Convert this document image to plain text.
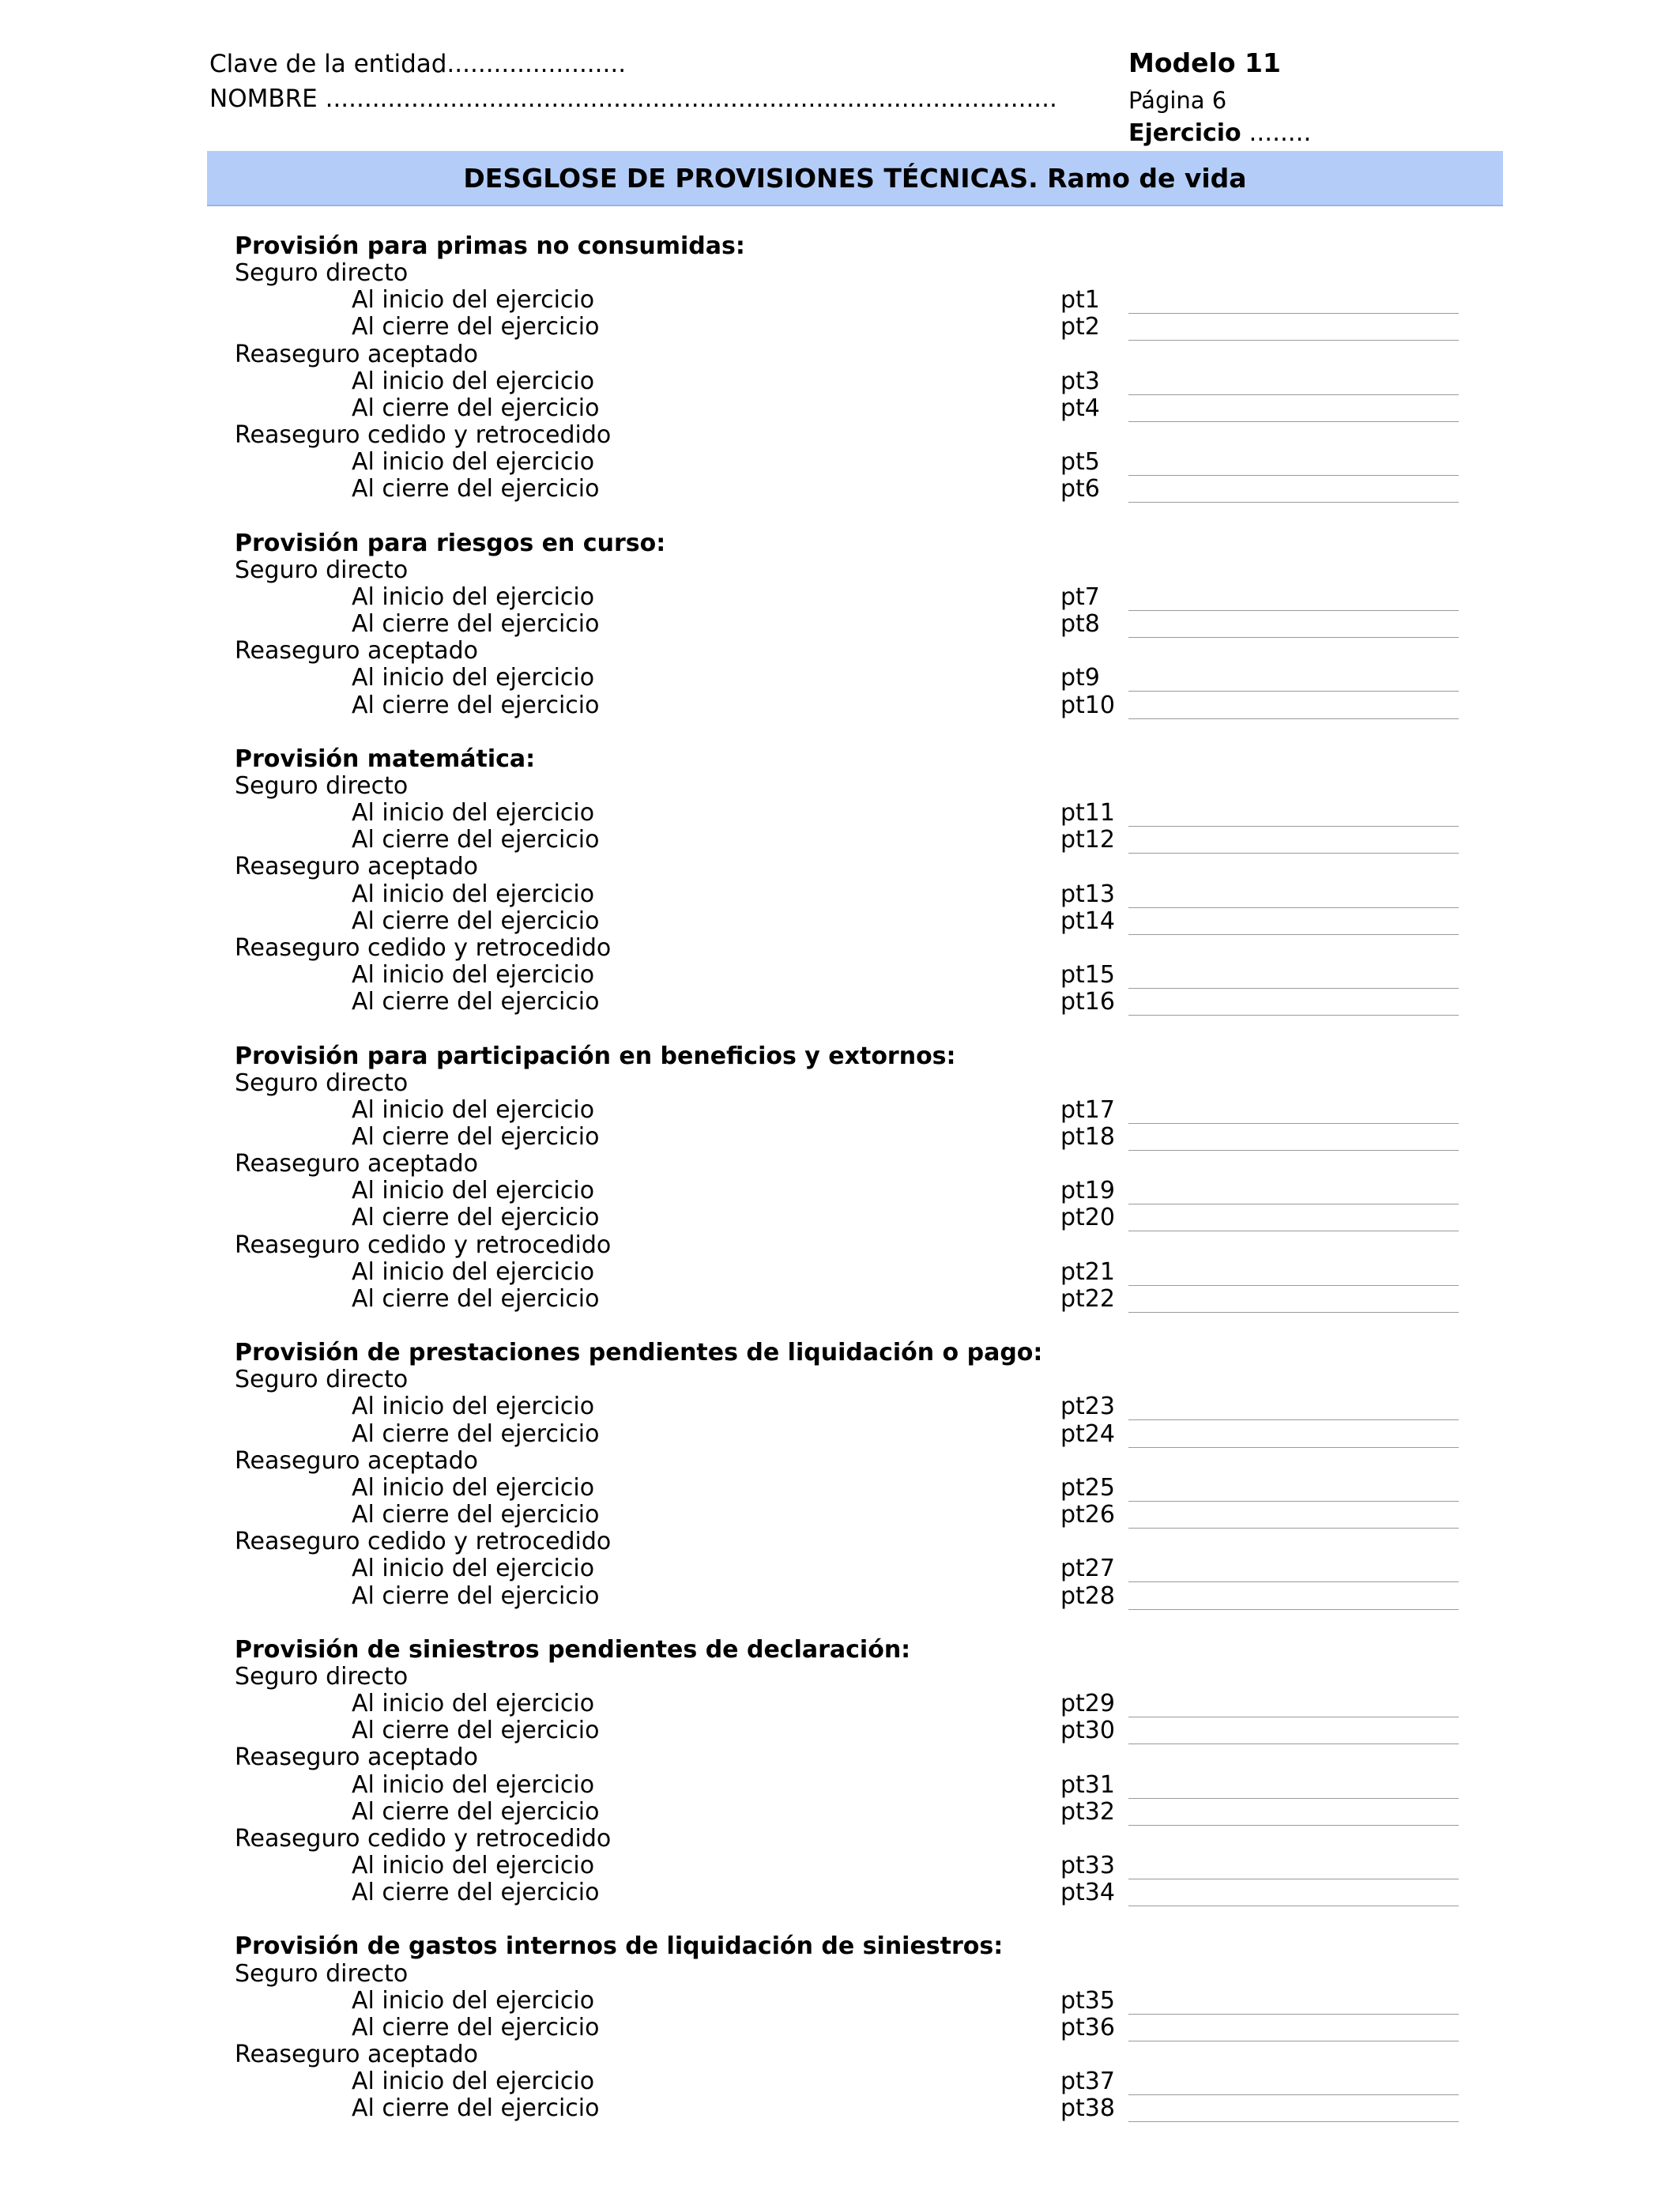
Clave de la entidad.......................
NOMBRE ..............................................................................................
Modelo 11
Página 6
Ejercicio ........
DESGLOSE DE PROVISIONES TÉCNICAS. Ramo de vida
Provisión para primas no consumidas:
Seguro directo
Al inicio del ejercicio	pt1
Al cierre del ejercicio	pt2
Reaseguro aceptado
Al inicio del ejercicio	pt3
Al cierre del ejercicio	pt4
Reaseguro cedido y retrocedido
Al inicio del ejercicio	pt5
Al cierre del ejercicio	pt6
Provisión para riesgos en curso:
Seguro directo
Al inicio del ejercicio	pt7
Al cierre del ejercicio	pt8
Reaseguro aceptado
Al inicio del ejercicio	pt9
Al cierre del ejercicio	pt10
Provisión matemática:
Seguro directo
Al inicio del ejercicio	pt11
Al cierre del ejercicio	pt12
Reaseguro aceptado
Al inicio del ejercicio	pt13
Al cierre del ejercicio	pt14
Reaseguro cedido y retrocedido
Al inicio del ejercicio	pt15
Al cierre del ejercicio	pt16
Provisión para participación en beneficios y extornos:
Seguro directo
Al inicio del ejercicio	pt17
Al cierre del ejercicio	pt18
Reaseguro aceptado
Al inicio del ejercicio	pt19
Al cierre del ejercicio	pt20
Reaseguro cedido y retrocedido
Al inicio del ejercicio	pt21
Al cierre del ejercicio	pt22
Provisión de prestaciones pendientes de liquidación o pago:
Seguro directo
Al inicio del ejercicio	pt23
Al cierre del ejercicio	pt24
Reaseguro aceptado
Al inicio del ejercicio	pt25
Al cierre del ejercicio	pt26
Reaseguro cedido y retrocedido
Al inicio del ejercicio	pt27
Al cierre del ejercicio	pt28
Provisión de siniestros pendientes de declaración:
Seguro directo
Al inicio del ejercicio	pt29
Al cierre del ejercicio	pt30
Reaseguro aceptado
Al inicio del ejercicio	pt31
Al cierre del ejercicio	pt32
Reaseguro cedido y retrocedido
Al inicio del ejercicio	pt33
Al cierre del ejercicio	pt34
Provisión de gastos internos de liquidación de siniestros:
Seguro directo
Al inicio del ejercicio	pt35
Al cierre del ejercicio	pt36
Reaseguro aceptado
Al inicio del ejercicio	pt37
Al cierre del ejercicio	pt38
